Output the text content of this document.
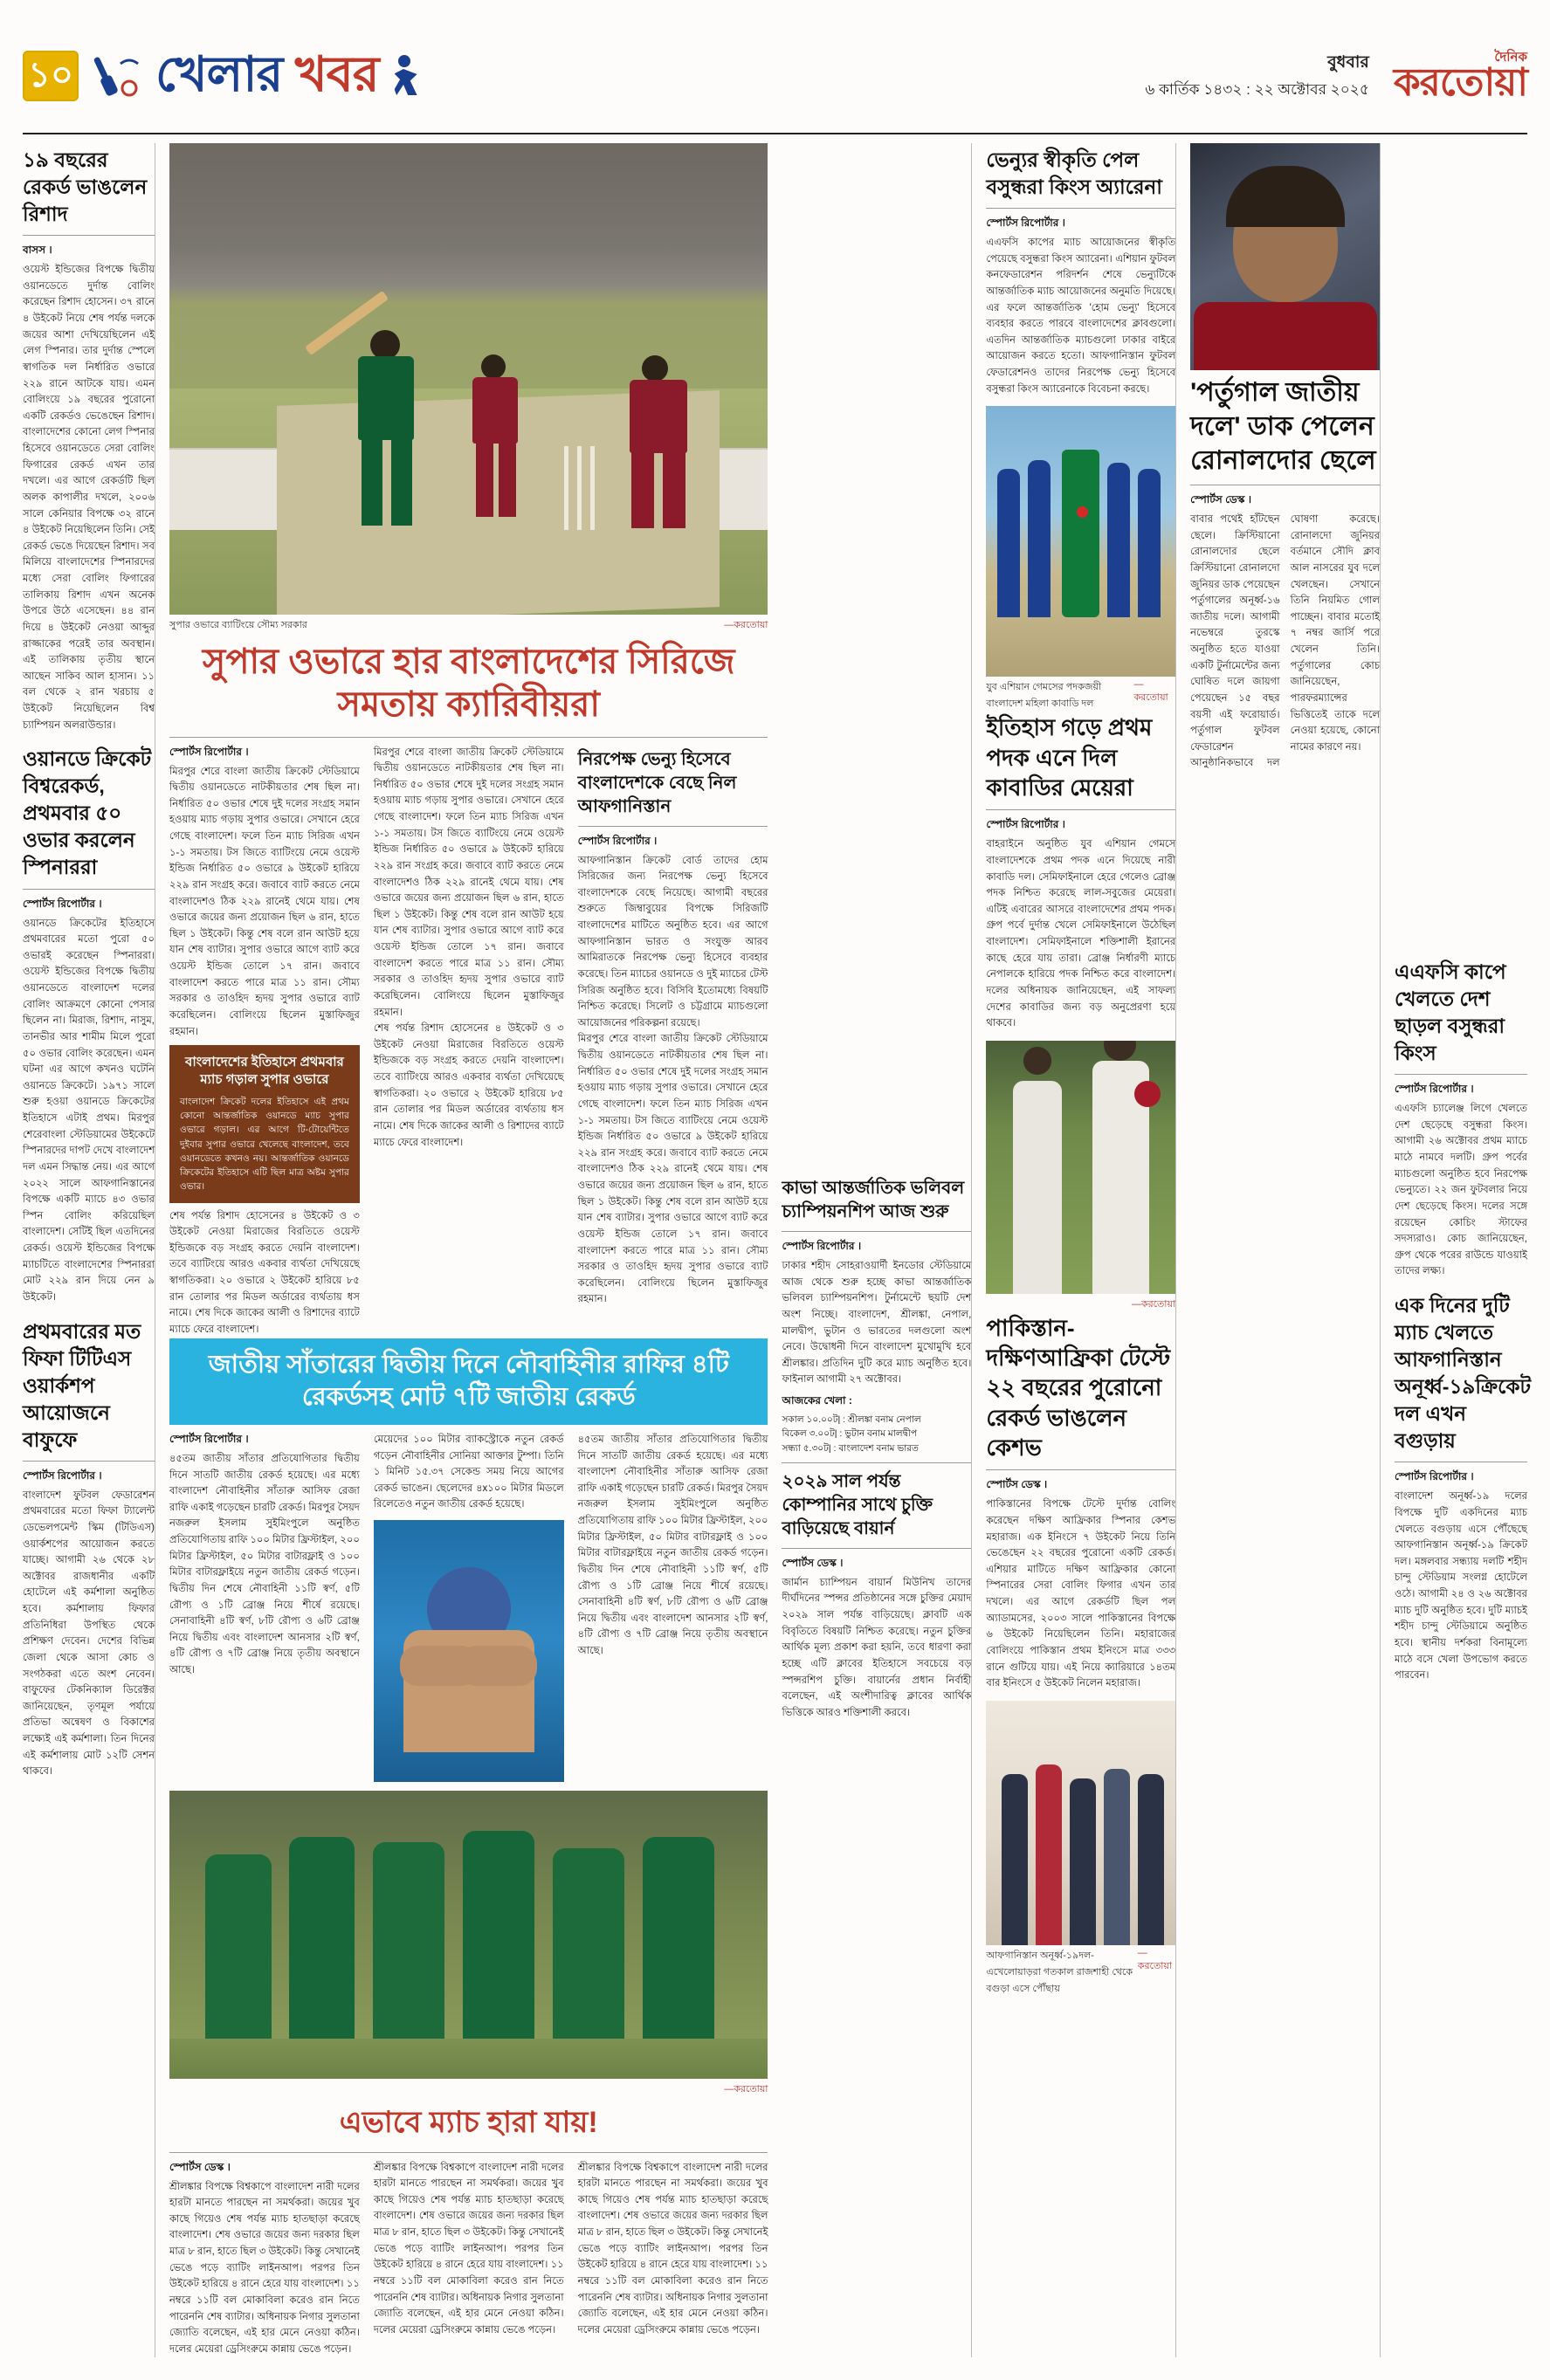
১০ খেলার খবর	বুধবার
৬ কার্তিক ১৪৩২ : ২২ অক্টোবর ২০২৫
দৈনিক
করতোয়া
১৯ বছরের রেকর্ড ভাঙলেন রিশাদ
বাসস ।
ওয়েস্ট ইন্ডিজের বিপক্ষে দ্বিতীয় ওয়ানডেতে দুর্দান্ত বোলিং করেছেন রিশাদ হোসেন। ৩৭ রানে ৪ উইকেট নিয়ে শেষ পর্যন্ত দলকে জয়ের আশা দেখিয়েছিলেন এই লেগ স্পিনার। তার দুর্দান্ত স্পেলে স্বাগতিক দল নির্ধারিত ওভারে ২২৯ রানে আটকে যায়। এমন বোলিংয়ে ১৯ বছরের পুরোনো একটি রেকর্ডও ভেঙেছেন রিশাদ। বাংলাদেশের কোনো লেগ স্পিনার হিসেবে ওয়ানডেতে সেরা বোলিং ফিগারের রেকর্ড এখন তার দখলে। এর আগে রেকর্ডটি ছিল অলক কাপালীর দখলে, ২০০৬ সালে কেনিয়ার বিপক্ষে ৩২ রানে ৪ উইকেট নিয়েছিলেন তিনি। সেই রেকর্ড ভেঙে দিয়েছেন রিশাদ। সব মিলিয়ে বাংলাদেশের স্পিনারদের মধ্যে সেরা বোলিং ফিগারের তালিকায় রিশাদ এখন অনেক উপরে উঠে এসেছেন। ৪৪ রান দিয়ে ৪ উইকেট নেওয়া আব্দুর রাজ্জাকের পরেই তার অবস্থান। এই তালিকায় তৃতীয় স্থানে আছেন সাকিব আল হাসান। ১১ বল থেকে ২ রান খরচায় ৫ উইকেট নিয়েছিলেন বিশ্ব চ্যাম্পিয়ন অলরাউন্ডার।
ওয়ানডে ক্রিকেট বিশ্বরেকর্ড, প্রথমবার ৫০ ওভার করলেন স্পিনাররা
স্পোর্টস রিপোর্টার ।
ওয়ানডে ক্রিকেটের ইতিহাসে প্রথমবারের মতো পুরো ৫০ ওভারই করেছেন স্পিনাররা। ওয়েস্ট ইন্ডিজের বিপক্ষে দ্বিতীয় ওয়ানডেতে বাংলাদেশ দলের বোলিং আক্রমণে কোনো পেসার ছিলেন না। মিরাজ, রিশাদ, নাসুম, তানভীর আর শামীম মিলে পুরো ৫০ ওভার বোলিং করেছেন। এমন ঘটনা এর আগে কখনও ঘটেনি ওয়ানডে ক্রিকেটে। ১৯৭১ সালে শুরু হওয়া ওয়ানডে ক্রিকেটের ইতিহাসে এটাই প্রথম। মিরপুর শেরেবাংলা স্টেডিয়ামের উইকেটে স্পিনারদের দাপট দেখে বাংলাদেশ দল এমন সিদ্ধান্ত নেয়। এর আগে ২০২২ সালে আফগানিস্তানের বিপক্ষে একটি ম্যাচে ৪৩ ওভার স্পিন বোলিং করিয়েছিল বাংলাদেশ। সেটিই ছিল এতদিনের রেকর্ড। ওয়েস্ট ইন্ডিজের বিপক্ষে ম্যাচটিতে বাংলাদেশের স্পিনাররা মোট ২২৯ রান দিয়ে নেন ৯ উইকেট।
প্রথমবারের মত ফিফা টিটিএস ওয়ার্কশপ আয়োজনে বাফুফে
স্পোর্টস রিপোর্টার ।
বাংলাদেশ ফুটবল ফেডারেশন প্রথমবারের মতো ফিফা ট্যালেন্ট ডেভেলপমেন্ট স্কিম (টিডিএস) ওয়ার্কশপের আয়োজন করতে যাচ্ছে। আগামী ২৬ থেকে ২৮ অক্টোবর রাজধানীর একটি হোটেলে এই কর্মশালা অনুষ্ঠিত হবে। কর্মশালায় ফিফার প্রতিনিধিরা উপস্থিত থেকে প্রশিক্ষণ দেবেন। দেশের বিভিন্ন জেলা থেকে আসা কোচ ও সংগঠকরা এতে অংশ নেবেন। বাফুফের টেকনিক্যাল ডিরেক্টর জানিয়েছেন, তৃণমূল পর্যায়ে প্রতিভা অন্বেষণ ও বিকাশের লক্ষ্যেই এই কর্মশালা। তিন দিনের এই কর্মশালায় মোট ১২টি সেশন থাকবে।
সুপার ওভারে ব্যাটিংয়ে সৌম্য সরকার	—করতোয়া
সুপার ওভারে হার বাংলাদেশের সিরিজে সমতায় ক্যারিবীয়রা
স্পোর্টস রিপোর্টার ।
মিরপুর শেরে বাংলা জাতীয় ক্রিকেট স্টেডিয়ামে দ্বিতীয় ওয়ানডেতে নাটকীয়তার শেষ ছিল না। নির্ধারিত ৫০ ওভার শেষে দুই দলের সংগ্রহ সমান হওয়ায় ম্যাচ গড়ায় সুপার ওভারে। সেখানে হেরে গেছে বাংলাদেশ। ফলে তিন ম্যাচ সিরিজ এখন ১-১ সমতায়। টস জিতে ব্যাটিংয়ে নেমে ওয়েস্ট ইন্ডিজ নির্ধারিত ৫০ ওভারে ৯ উইকেট হারিয়ে ২২৯ রান সংগ্রহ করে। জবাবে ব্যাট করতে নেমে বাংলাদেশও ঠিক ২২৯ রানেই থেমে যায়। শেষ ওভারে জয়ের জন্য প্রয়োজন ছিল ৬ রান, হাতে ছিল ১ উইকেট। কিন্তু শেষ বলে রান আউট হয়ে যান শেষ ব্যাটার। সুপার ওভারে আগে ব্যাট করে ওয়েস্ট ইন্ডিজ তোলে ১৭ রান। জবাবে বাংলাদেশ করতে পারে মাত্র ১১ রান। সৌম্য সরকার ও তাওহিদ হৃদয় সুপার ওভারে ব্যাট করেছিলেন। বোলিংয়ে ছিলেন মুস্তাফিজুর রহমান।
বাংলাদেশের ইতিহাসে প্রথমবার ম্যাচ গড়াল সুপার ওভারে
বাংলাদেশ ক্রিকেট দলের ইতিহাসে এই প্রথম কোনো আন্তর্জাতিক ওয়ানডে ম্যাচ সুপার ওভারে গড়াল। এর আগে টি-টোয়েন্টিতে দুইবার সুপার ওভারে খেলেছে বাংলাদেশ, তবে ওয়ানডেতে কখনও নয়। আন্তর্জাতিক ওয়ানডে ক্রিকেটের ইতিহাসে এটি ছিল মাত্র অষ্টম সুপার ওভার।
শেষ পর্যন্ত রিশাদ হোসেনের ৪ উইকেট ও ৩ উইকেট নেওয়া মিরাজের বিরতিতে ওয়েস্ট ইন্ডিজকে বড় সংগ্রহ করতে দেয়নি বাংলাদেশ। তবে ব্যাটিংয়ে আরও একবার ব্যর্থতা দেখিয়েছে স্বাগতিকরা। ২০ ওভারে ২ উইকেট হারিয়ে ৮৫ রান তোলার পর মিডল অর্ডারের ব্যর্থতায় ধস নামে। শেষ দিকে জাকের আলী ও রিশাদের ব্যাটে ম্যাচে ফেরে বাংলাদেশ।
মিরপুর শেরে বাংলা জাতীয় ক্রিকেট স্টেডিয়ামে দ্বিতীয় ওয়ানডেতে নাটকীয়তার শেষ ছিল না। নির্ধারিত ৫০ ওভার শেষে দুই দলের সংগ্রহ সমান হওয়ায় ম্যাচ গড়ায় সুপার ওভারে। সেখানে হেরে গেছে বাংলাদেশ। ফলে তিন ম্যাচ সিরিজ এখন ১-১ সমতায়। টস জিতে ব্যাটিংয়ে নেমে ওয়েস্ট ইন্ডিজ নির্ধারিত ৫০ ওভারে ৯ উইকেট হারিয়ে ২২৯ রান সংগ্রহ করে। জবাবে ব্যাট করতে নেমে বাংলাদেশও ঠিক ২২৯ রানেই থেমে যায়। শেষ ওভারে জয়ের জন্য প্রয়োজন ছিল ৬ রান, হাতে ছিল ১ উইকেট। কিন্তু শেষ বলে রান আউট হয়ে যান শেষ ব্যাটার। সুপার ওভারে আগে ব্যাট করে ওয়েস্ট ইন্ডিজ তোলে ১৭ রান। জবাবে বাংলাদেশ করতে পারে মাত্র ১১ রান। সৌম্য সরকার ও তাওহিদ হৃদয় সুপার ওভারে ব্যাট করেছিলেন। বোলিংয়ে ছিলেন মুস্তাফিজুর রহমান।
শেষ পর্যন্ত রিশাদ হোসেনের ৪ উইকেট ও ৩ উইকেট নেওয়া মিরাজের বিরতিতে ওয়েস্ট ইন্ডিজকে বড় সংগ্রহ করতে দেয়নি বাংলাদেশ। তবে ব্যাটিংয়ে আরও একবার ব্যর্থতা দেখিয়েছে স্বাগতিকরা। ২০ ওভারে ২ উইকেট হারিয়ে ৮৫ রান তোলার পর মিডল অর্ডারের ব্যর্থতায় ধস নামে। শেষ দিকে জাকের আলী ও রিশাদের ব্যাটে ম্যাচে ফেরে বাংলাদেশ।
নিরপেক্ষ ভেন্যু হিসেবে বাংলাদেশকে বেছে নিল আফগানিস্তান
স্পোর্টস রিপোর্টার ।
আফগানিস্তান ক্রিকেট বোর্ড তাদের হোম সিরিজের জন্য নিরপেক্ষ ভেন্যু হিসেবে বাংলাদেশকে বেছে নিয়েছে। আগামী বছরের শুরুতে জিম্বাবুয়ের বিপক্ষে সিরিজটি বাংলাদেশের মাটিতে অনুষ্ঠিত হবে। এর আগে আফগানিস্তান ভারত ও সংযুক্ত আরব আমিরাতকে নিরপেক্ষ ভেন্যু হিসেবে ব্যবহার করেছে। তিন ম্যাচের ওয়ানডে ও দুই ম্যাচের টেস্ট সিরিজ অনুষ্ঠিত হবে। বিসিবি ইতোমধ্যে বিষয়টি নিশ্চিত করেছে। সিলেট ও চট্টগ্রামে ম্যাচগুলো আয়োজনের পরিকল্পনা রয়েছে।
মিরপুর শেরে বাংলা জাতীয় ক্রিকেট স্টেডিয়ামে দ্বিতীয় ওয়ানডেতে নাটকীয়তার শেষ ছিল না। নির্ধারিত ৫০ ওভার শেষে দুই দলের সংগ্রহ সমান হওয়ায় ম্যাচ গড়ায় সুপার ওভারে। সেখানে হেরে গেছে বাংলাদেশ। ফলে তিন ম্যাচ সিরিজ এখন ১-১ সমতায়। টস জিতে ব্যাটিংয়ে নেমে ওয়েস্ট ইন্ডিজ নির্ধারিত ৫০ ওভারে ৯ উইকেট হারিয়ে ২২৯ রান সংগ্রহ করে। জবাবে ব্যাট করতে নেমে বাংলাদেশও ঠিক ২২৯ রানেই থেমে যায়। শেষ ওভারে জয়ের জন্য প্রয়োজন ছিল ৬ রান, হাতে ছিল ১ উইকেট। কিন্তু শেষ বলে রান আউট হয়ে যান শেষ ব্যাটার। সুপার ওভারে আগে ব্যাট করে ওয়েস্ট ইন্ডিজ তোলে ১৭ রান। জবাবে বাংলাদেশ করতে পারে মাত্র ১১ রান। সৌম্য সরকার ও তাওহিদ হৃদয় সুপার ওভারে ব্যাট করেছিলেন। বোলিংয়ে ছিলেন মুস্তাফিজুর রহমান।
জাতীয় সাঁতারের দ্বিতীয় দিনে নৌবাহিনীর রাফির ৪টি রেকর্ডসহ মোট ৭টি জাতীয় রেকর্ড
স্পোর্টস রিপোর্টার ।
৪৫তম জাতীয় সাঁতার প্রতিযোগিতার দ্বিতীয় দিনে সাতটি জাতীয় রেকর্ড হয়েছে। এর মধ্যে বাংলাদেশ নৌবাহিনীর সাঁতারু আসিফ রেজা রাফি একাই গড়েছেন চারটি রেকর্ড। মিরপুর সৈয়দ নজরুল ইসলাম সুইমিংপুলে অনুষ্ঠিত প্রতিযোগিতায় রাফি ১০০ মিটার ফ্রিস্টাইল, ২০০ মিটার ফ্রিস্টাইল, ৫০ মিটার বাটারফ্লাই ও ১০০ মিটার বাটারফ্লাইয়ে নতুন জাতীয় রেকর্ড গড়েন। দ্বিতীয় দিন শেষে নৌবাহিনী ১১টি স্বর্ণ, ৫টি রৌপ্য ও ১টি ব্রোঞ্জ নিয়ে শীর্ষে রয়েছে। সেনাবাহিনী ৪টি স্বর্ণ, ৮টি রৌপ্য ও ৬টি ব্রোঞ্জ নিয়ে দ্বিতীয় এবং বাংলাদেশ আনসার ২টি স্বর্ণ, ৪টি রৌপ্য ও ৭টি ব্রোঞ্জ নিয়ে তৃতীয় অবস্থানে আছে।
মেয়েদের ১০০ মিটার ব্যাকস্ট্রোকে নতুন রেকর্ড গড়েন নৌবাহিনীর সোনিয়া আক্তার টুম্পা। তিনি ১ মিনিট ১৫.৩৭ সেকেন্ড সময় নিয়ে আগের রেকর্ড ভাঙেন। ছেলেদের ৪x১০০ মিটার মিডলে রিলেতেও নতুন জাতীয় রেকর্ড হয়েছে।
৪৫তম জাতীয় সাঁতার প্রতিযোগিতার দ্বিতীয় দিনে সাতটি জাতীয় রেকর্ড হয়েছে। এর মধ্যে বাংলাদেশ নৌবাহিনীর সাঁতারু আসিফ রেজা রাফি একাই গড়েছেন চারটি রেকর্ড। মিরপুর সৈয়দ নজরুল ইসলাম সুইমিংপুলে অনুষ্ঠিত প্রতিযোগিতায় রাফি ১০০ মিটার ফ্রিস্টাইল, ২০০ মিটার ফ্রিস্টাইল, ৫০ মিটার বাটারফ্লাই ও ১০০ মিটার বাটারফ্লাইয়ে নতুন জাতীয় রেকর্ড গড়েন। দ্বিতীয় দিন শেষে নৌবাহিনী ১১টি স্বর্ণ, ৫টি রৌপ্য ও ১টি ব্রোঞ্জ নিয়ে শীর্ষে রয়েছে। সেনাবাহিনী ৪টি স্বর্ণ, ৮টি রৌপ্য ও ৬টি ব্রোঞ্জ নিয়ে দ্বিতীয় এবং বাংলাদেশ আনসার ২টি স্বর্ণ, ৪টি রৌপ্য ও ৭টি ব্রোঞ্জ নিয়ে তৃতীয় অবস্থানে আছে।
—করতোয়া
এভাবে ম্যাচ হারা যায়!
স্পোর্টস ডেস্ক ।
শ্রীলঙ্কার বিপক্ষে বিশ্বকাপে বাংলাদেশ নারী দলের হারটা মানতে পারছেন না সমর্থকরা। জয়ের খুব কাছে গিয়েও শেষ পর্যন্ত ম্যাচ হাতছাড়া করেছে বাংলাদেশ। শেষ ওভারে জয়ের জন্য দরকার ছিল মাত্র ৮ রান, হাতে ছিল ৩ উইকেট। কিন্তু সেখানেই ভেঙে পড়ে ব্যাটিং লাইনআপ। পরপর তিন উইকেট হারিয়ে ৪ রানে হেরে যায় বাংলাদেশ। ১১ নম্বরে ১১টি বল মোকাবিলা করেও রান নিতে পারেননি শেষ ব্যাটার। অধিনায়ক নিগার সুলতানা জ্যোতি বলেছেন, এই হার মেনে নেওয়া কঠিন। দলের মেয়েরা ড্রেসিংরুমে কান্নায় ভেঙে পড়েন।
শ্রীলঙ্কার বিপক্ষে বিশ্বকাপে বাংলাদেশ নারী দলের হারটা মানতে পারছেন না সমর্থকরা। জয়ের খুব কাছে গিয়েও শেষ পর্যন্ত ম্যাচ হাতছাড়া করেছে বাংলাদেশ। শেষ ওভারে জয়ের জন্য দরকার ছিল মাত্র ৮ রান, হাতে ছিল ৩ উইকেট। কিন্তু সেখানেই ভেঙে পড়ে ব্যাটিং লাইনআপ। পরপর তিন উইকেট হারিয়ে ৪ রানে হেরে যায় বাংলাদেশ। ১১ নম্বরে ১১টি বল মোকাবিলা করেও রান নিতে পারেননি শেষ ব্যাটার। অধিনায়ক নিগার সুলতানা জ্যোতি বলেছেন, এই হার মেনে নেওয়া কঠিন। দলের মেয়েরা ড্রেসিংরুমে কান্নায় ভেঙে পড়েন।
শ্রীলঙ্কার বিপক্ষে বিশ্বকাপে বাংলাদেশ নারী দলের হারটা মানতে পারছেন না সমর্থকরা। জয়ের খুব কাছে গিয়েও শেষ পর্যন্ত ম্যাচ হাতছাড়া করেছে বাংলাদেশ। শেষ ওভারে জয়ের জন্য দরকার ছিল মাত্র ৮ রান, হাতে ছিল ৩ উইকেট। কিন্তু সেখানেই ভেঙে পড়ে ব্যাটিং লাইনআপ। পরপর তিন উইকেট হারিয়ে ৪ রানে হেরে যায় বাংলাদেশ। ১১ নম্বরে ১১টি বল মোকাবিলা করেও রান নিতে পারেননি শেষ ব্যাটার। অধিনায়ক নিগার সুলতানা জ্যোতি বলেছেন, এই হার মেনে নেওয়া কঠিন। দলের মেয়েরা ড্রেসিংরুমে কান্নায় ভেঙে পড়েন।
কাভা আন্তর্জাতিক ভলিবল চ্যাম্পিয়নশিপ আজ শুরু
স্পোর্টস রিপোর্টার ।
ঢাকার শহীদ সোহরাওয়ার্দী ইনডোর স্টেডিয়ামে আজ থেকে শুরু হচ্ছে কাভা আন্তর্জাতিক ভলিবল চ্যাম্পিয়নশিপ। টুর্নামেন্টে ছয়টি দেশ অংশ নিচ্ছে। বাংলাদেশ, শ্রীলঙ্কা, নেপাল, মালদ্বীপ, ভুটান ও ভারতের দলগুলো অংশ নেবে। উদ্বোধনী দিনে বাংলাদেশ মুখোমুখি হবে শ্রীলঙ্কার। প্রতিদিন দুটি করে ম্যাচ অনুষ্ঠিত হবে। ফাইনাল আগামী ২৭ অক্টোবর।
আজকের খেলা :
সকাল ১০.০০ট| : শ্রীলঙ্কা বনাম নেপাল
বিকেল ৩.০০ট| : ভুটান বনাম মালদ্বীপ
সন্ধ্যা ৫.৩০ট| : বাংলাদেশ বনাম ভারত
২০২৯ সাল পর্যন্ত কোম্পানির সাথে চুক্তি বাড়িয়েছে বায়ার্ন
স্পোর্টস ডেস্ক ।
জার্মান চ্যাম্পিয়ন বায়ার্ন মিউনিখ তাদের দীর্ঘদিনের স্পন্সর প্রতিষ্ঠানের সঙ্গে চুক্তির মেয়াদ ২০২৯ সাল পর্যন্ত বাড়িয়েছে। ক্লাবটি এক বিবৃতিতে বিষয়টি নিশ্চিত করেছে। নতুন চুক্তির আর্থিক মূল্য প্রকাশ করা হয়নি, তবে ধারণা করা হচ্ছে এটি ক্লাবের ইতিহাসে সবচেয়ে বড় স্পন্সরশিপ চুক্তি। বায়ার্নের প্রধান নির্বাহী বলেছেন, এই অংশীদারিত্ব ক্লাবের আর্থিক ভিত্তিকে আরও শক্তিশালী করবে।
ভেন্যুর স্বীকৃতি পেল বসুন্ধরা কিংস অ্যারেনা
স্পোর্টস রিপোর্টার ।
এএফসি কাপের ম্যাচ আয়োজনের স্বীকৃতি পেয়েছে বসুন্ধরা কিংস অ্যারেনা। এশিয়ান ফুটবল কনফেডারেশন পরিদর্শন শেষে ভেন্যুটিকে আন্তর্জাতিক ম্যাচ আয়োজনের অনুমতি দিয়েছে। এর ফলে আন্তর্জাতিক 'হোম ভেন্যু' হিসেবে ব্যবহার করতে পারবে বাংলাদেশের ক্লাবগুলো। এতদিন আন্তর্জাতিক ম্যাচগুলো ঢাকার বাইরে আয়োজন করতে হতো। আফগানিস্তান ফুটবল ফেডারেশনও তাদের নিরপেক্ষ ভেন্যু হিসেবে বসুন্ধরা কিংস অ্যারেনাকে বিবেচনা করছে।
যুব এশিয়ান গেমসের পদকজয়ী বাংলাদেশ মহিলা কাবাডি দল
—করতোয়া
ইতিহাস গড়ে প্রথম পদক এনে দিল কাবাডির মেয়েরা
স্পোর্টস রিপোর্টার ।
বাহরাইনে অনুষ্ঠিত যুব এশিয়ান গেমসে বাংলাদেশকে প্রথম পদক এনে দিয়েছে নারী কাবাডি দল। সেমিফাইনালে হেরে গেলেও ব্রোঞ্জ পদক নিশ্চিত করেছে লাল-সবুজের মেয়েরা। এটিই এবারের আসরে বাংলাদেশের প্রথম পদক। গ্রুপ পর্বে দুর্দান্ত খেলে সেমিফাইনালে উঠেছিল বাংলাদেশ। সেমিফাইনালে শক্তিশালী ইরানের কাছে হেরে যায় তারা। ব্রোঞ্জ নির্ধারণী ম্যাচে নেপালকে হারিয়ে পদক নিশ্চিত করে বাংলাদেশ। দলের অধিনায়ক জানিয়েছেন, এই সাফল্য দেশের কাবাডির জন্য বড় অনুপ্রেরণা হয়ে থাকবে।
—করতোয়া
পাকিস্তান-দক্ষিণআফ্রিকা টেস্টে ২২ বছরের পুরোনো রেকর্ড ভাঙলেন কেশভ
স্পোর্টস ডেস্ক ।
পাকিস্তানের বিপক্ষে টেস্টে দুর্দান্ত বোলিং করেছেন দক্ষিণ আফ্রিকার স্পিনার কেশভ মহারাজ। এক ইনিংসে ৭ উইকেট নিয়ে তিনি ভেঙেছেন ২২ বছরের পুরোনো একটি রেকর্ড। এশিয়ার মাটিতে দক্ষিণ আফ্রিকার কোনো স্পিনারের সেরা বোলিং ফিগার এখন তার দখলে। এর আগে রেকর্ডটি ছিল পল অ্যাডামসের, ২০০৩ সালে পাকিস্তানের বিপক্ষে ৬ উইকেট নিয়েছিলেন তিনি। মহারাজের বোলিংয়ে পাকিস্তান প্রথম ইনিংসে মাত্র ৩৩৩ রানে গুটিয়ে যায়। এই নিয়ে ক্যারিয়ারে ১৪তম বার ইনিংসে ৫ উইকেট নিলেন মহারাজ।
আফগানিস্তান অনূর্ধ্ব-১৯দল-এখেলোয়াড়রা গতকাল রাজশাহী থেকে বগুড়া এসে পৌঁছায়
—করতোয়া
'পর্তুগাল জাতীয় দলে' ডাক পেলেন রোনালদোর ছেলে
স্পোর্টস ডেস্ক ।
বাবার পথেই হাঁটছেন ছেলে। ক্রিস্টিয়ানো রোনালদোর ছেলে ক্রিস্টিয়ানো রোনালদো জুনিয়র ডাক পেয়েছেন পর্তুগালের অনূর্ধ্ব-১৬ জাতীয় দলে। আগামী নভেম্বরে তুরস্কে অনুষ্ঠিত হতে যাওয়া একটি টুর্নামেন্টের জন্য ঘোষিত দলে জায়গা পেয়েছেন ১৫ বছর বয়সী এই ফরোয়ার্ড। পর্তুগাল ফুটবল ফেডারেশন আনুষ্ঠানিকভাবে দল ঘোষণা করেছে। রোনালদো জুনিয়র বর্তমানে সৌদি ক্লাব আল নাসরের যুব দলে খেলছেন। সেখানে তিনি নিয়মিত গোল পাচ্ছেন। বাবার মতোই ৭ নম্বর জার্সি পরে খেলেন তিনি। পর্তুগালের কোচ জানিয়েছেন, পারফরম্যান্সের ভিত্তিতেই তাকে দলে নেওয়া হয়েছে, কোনো নামের কারণে নয়।
এএফসি কাপে খেলতে দেশ ছাড়ল বসুন্ধরা কিংস
স্পোর্টস রিপোর্টার ।
এএফসি চ্যালেঞ্জ লিগে খেলতে দেশ ছেড়েছে বসুন্ধরা কিংস। আগামী ২৬ অক্টোবর প্রথম ম্যাচে মাঠে নামবে দলটি। গ্রুপ পর্বের ম্যাচগুলো অনুষ্ঠিত হবে নিরপেক্ষ ভেন্যুতে। ২২ জন ফুটবলার নিয়ে দেশ ছেড়েছে কিংস। দলের সঙ্গে রয়েছেন কোচিং স্টাফের সদস্যরাও। কোচ জানিয়েছেন, গ্রুপ থেকে পরের রাউন্ডে যাওয়াই তাদের লক্ষ্য।
এক দিনের দুটি ম্যাচ খেলতে আফগানিস্তান অনূর্ধ্ব-১৯ক্রিকেট দল এখন বগুড়ায়
স্পোর্টস রিপোর্টার ।
বাংলাদেশ অনূর্ধ্ব-১৯ দলের বিপক্ষে দুটি একদিনের ম্যাচ খেলতে বগুড়ায় এসে পৌঁছেছে আফগানিস্তান অনূর্ধ্ব-১৯ ক্রিকেট দল। মঙ্গলবার সন্ধ্যায় দলটি শহীদ চান্দু স্টেডিয়াম সংলগ্ন হোটেলে ওঠে। আগামী ২৪ ও ২৬ অক্টোবর ম্যাচ দুটি অনুষ্ঠিত হবে। দুটি ম্যাচই শহীদ চান্দু স্টেডিয়ামে অনুষ্ঠিত হবে। স্থানীয় দর্শকরা বিনামূল্যে মাঠে বসে খেলা উপভোগ করতে পারবেন।
